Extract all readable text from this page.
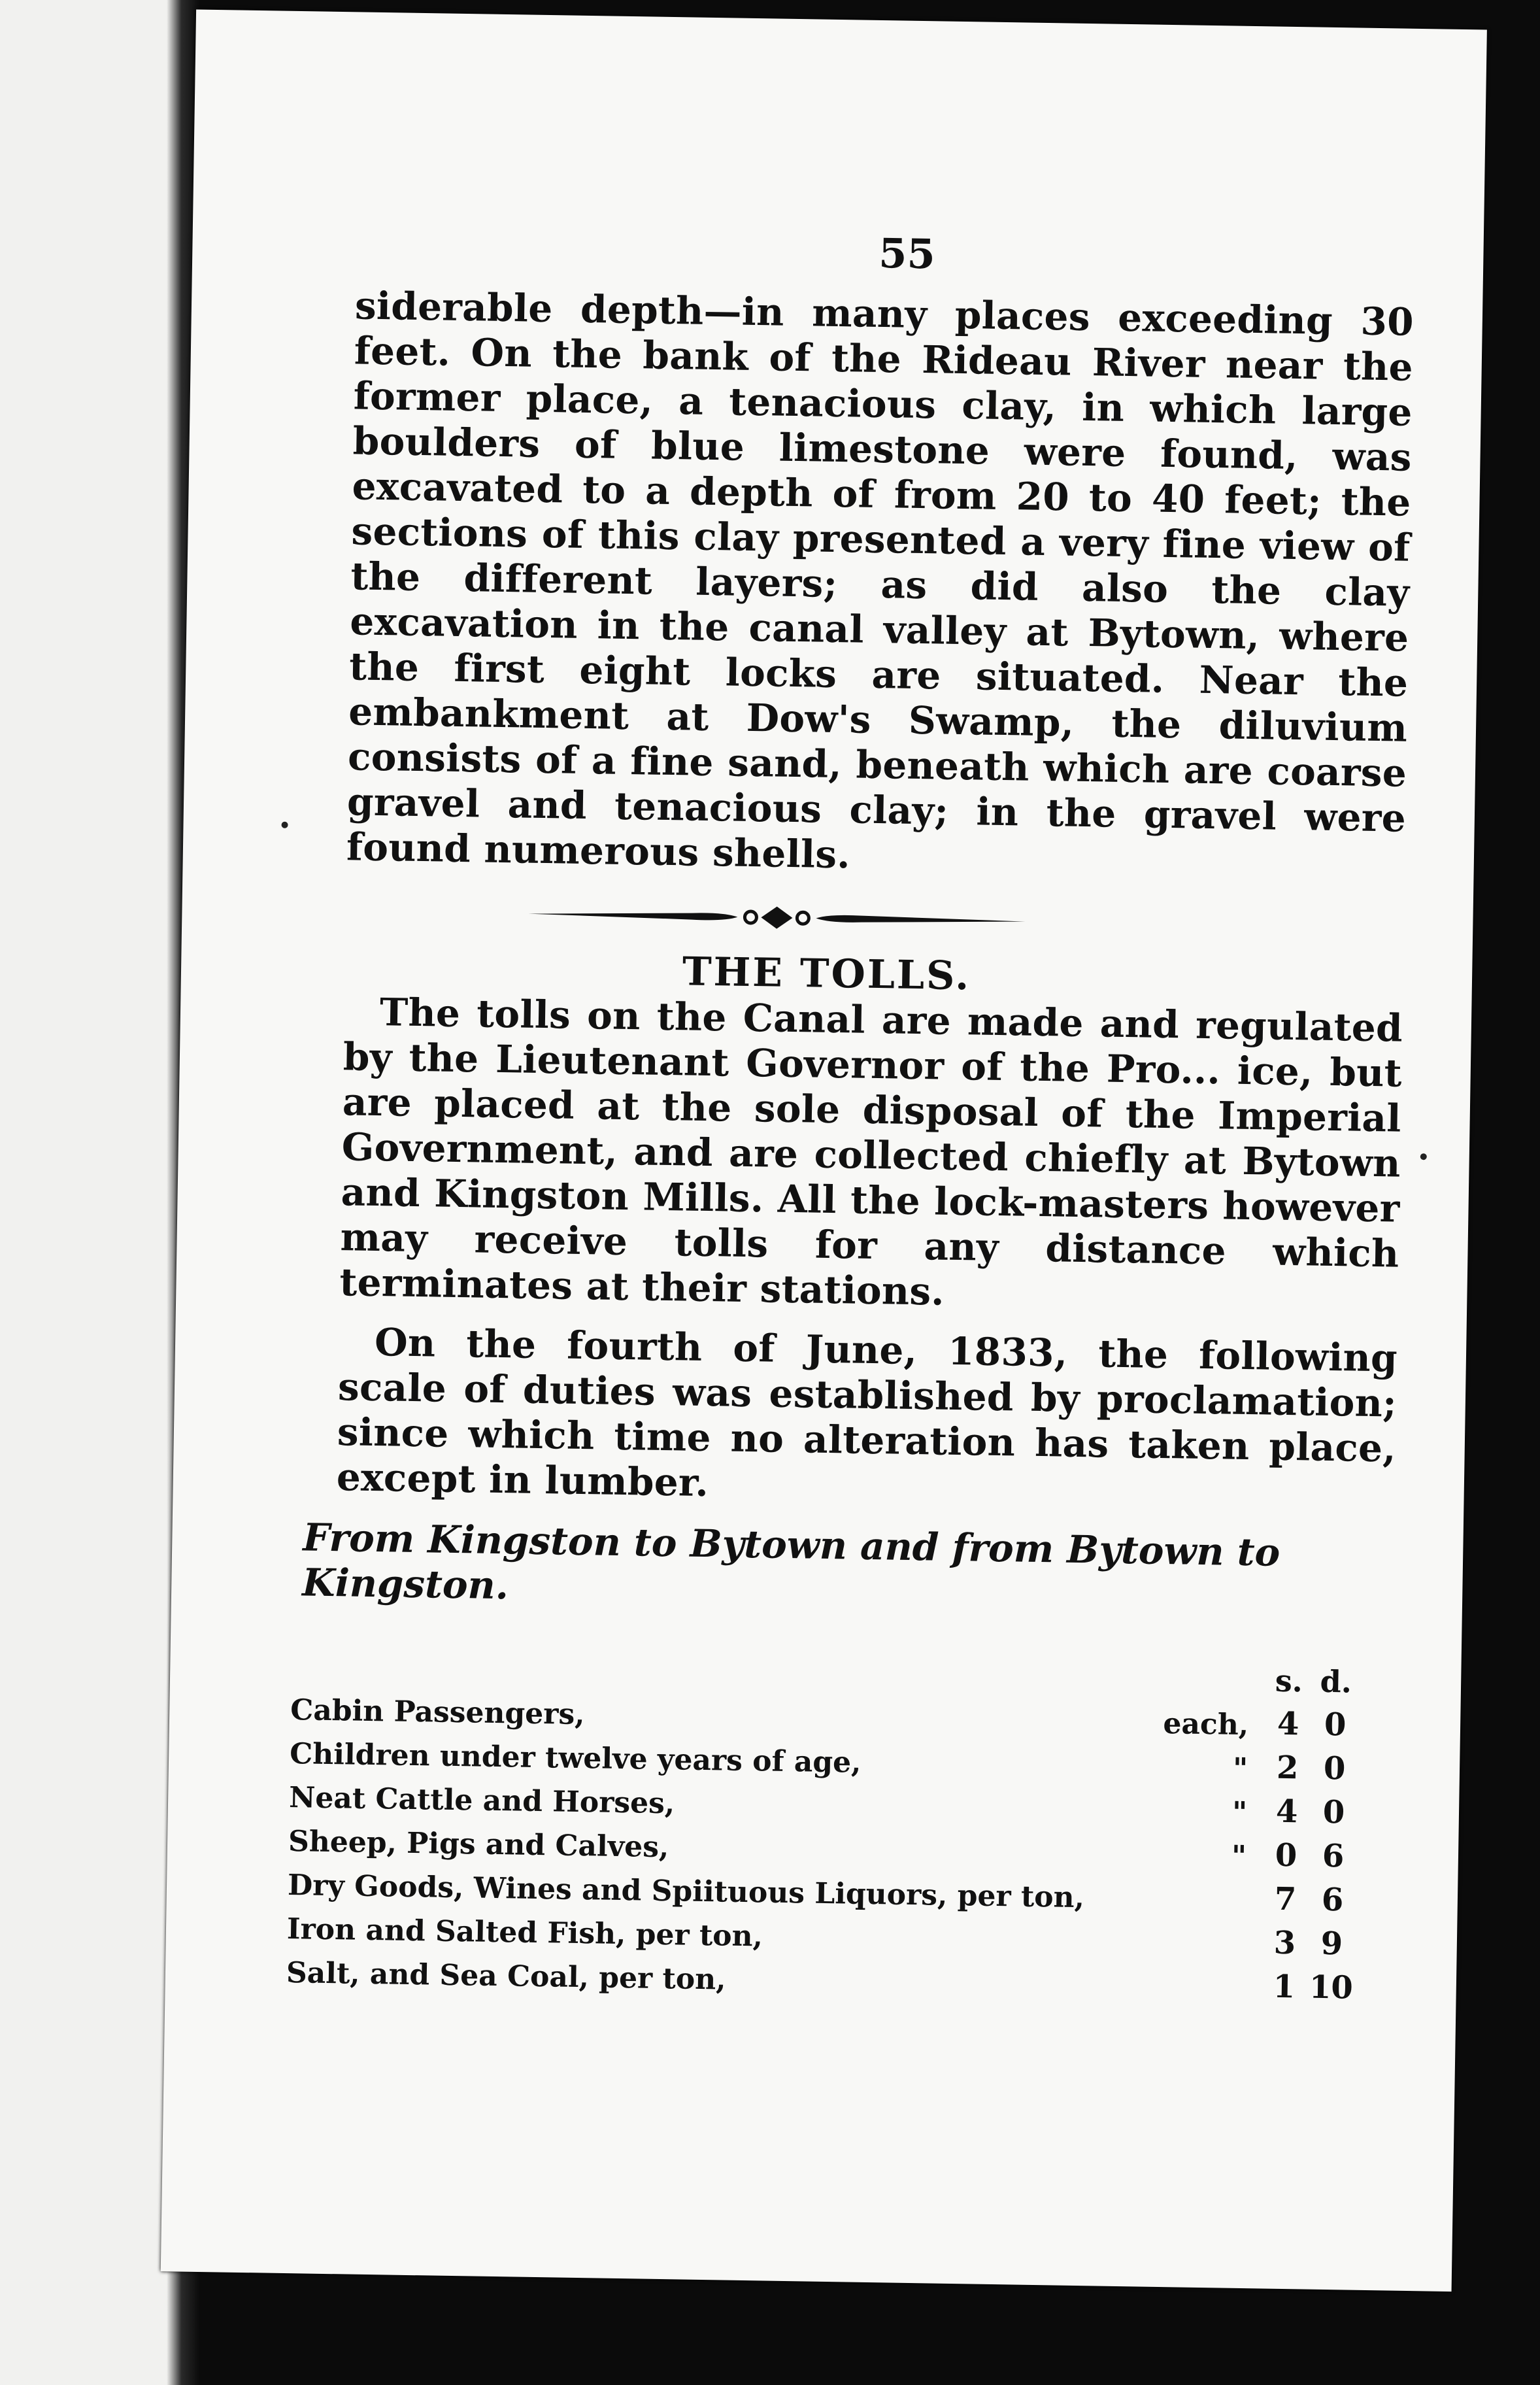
55

siderable depth—in many places exceeding 30 feet. On the bank of the Rideau River near the former place, a tenacious clay, in which large boulders of blue limestone were found, was excavated to a depth of from 20 to 40 feet; the sections of this clay presented a very fine view of the different layers; as did also the clay excavation in the canal valley at Bytown, where the first eight locks are situated. Near the embankment at Dow's Swamp, the diluvium consists of a fine sand, beneath which are coarse gravel and tenacious clay; in the gravel were found numerous shells.

THE TOLLS.

The tolls on the Canal are made and regulated by the Lieutenant Governor of the Pro... ice, but are placed at the sole disposal of the Imperial Government, and are collected chiefly at Bytown and Kingston Mills. All the lock-masters however may receive tolls for any distance which terminates at their stations.

On the fourth of June, 1833, the following scale of duties was established by proclamation; since which time no alteration has taken place, except in lumber.

From Kingston to Bytown and from Bytown to Kingston.

		s.	d.
Cabin Passengers,	each,	4	0
Children under twelve years of age,	"	2	0
Neat Cattle and Horses,	"	4	0
Sheep, Pigs and Calves,	"	0	6
Dry Goods, Wines and Spiituous Liquors, per ton,		7	6
Iron and Salted Fish, per ton,		3	9
Salt, and Sea Coal, per ton,		1	10
